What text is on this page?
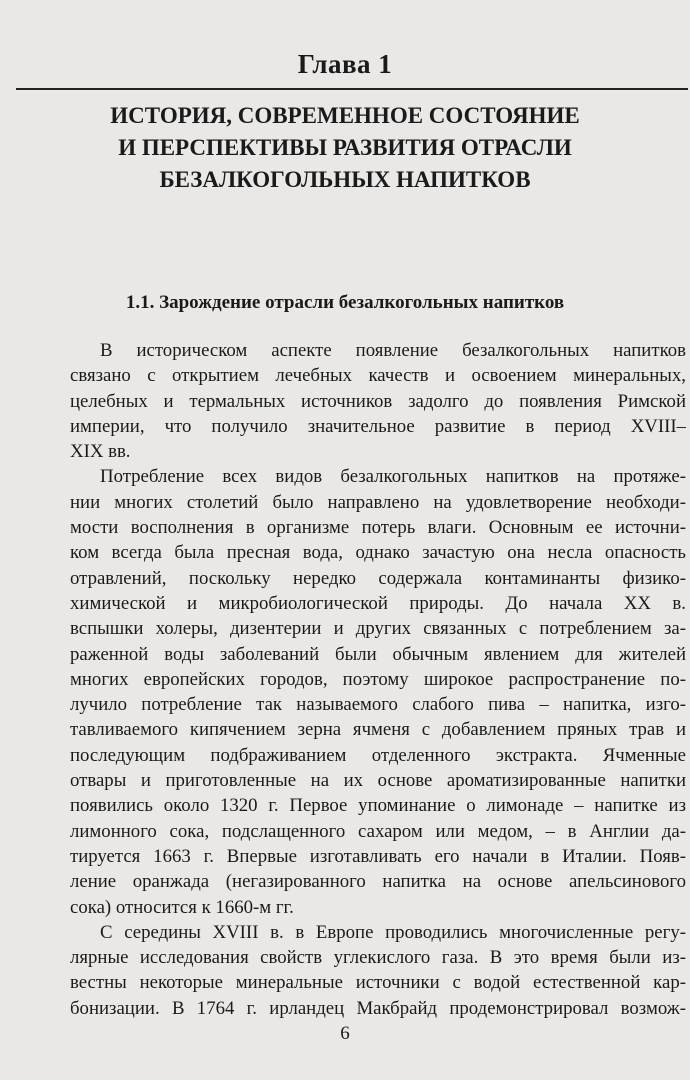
Глава 1
ИСТОРИЯ, СОВРЕМЕННОЕ СОСТОЯНИЕ
И ПЕРСПЕКТИВЫ РАЗВИТИЯ ОТРАСЛИ
БЕЗАЛКОГОЛЬНЫХ НАПИТКОВ
1.1. Зарождение отрасли безалкогольных напитков
В историческом аспекте появление безалкогольных напитков
связано с открытием лечебных качеств и освоением минеральных,
целебных и термальных источников задолго до появления Римской
империи, что получило значительное развитие в период XVIII–
XIX вв.
Потребление всех видов безалкогольных напитков на протяже-
нии многих столетий было направлено на удовлетворение необходи-
мости восполнения в организме потерь влаги. Основным ее источни-
ком всегда была пресная вода, однако зачастую она несла опасность
отравлений, поскольку нередко содержала контаминанты физико-
химической и микробиологической природы. До начала XX в.
вспышки холеры, дизентерии и других связанных с потреблением за-
раженной воды заболеваний были обычным явлением для жителей
многих европейских городов, поэтому широкое распространение по-
лучило потребление так называемого слабого пива – напитка, изго-
тавливаемого кипячением зерна ячменя с добавлением пряных трав и
последующим подбраживанием отделенного экстракта. Ячменные
отвары и приготовленные на их основе ароматизированные напитки
появились около 1320 г. Первое упоминание о лимонаде – напитке из
лимонного сока, подслащенного сахаром или медом, – в Англии да-
тируется 1663 г. Впервые изготавливать его начали в Италии. Появ-
ление оранжада (негазированного напитка на основе апельсинового
сока) относится к 1660-м гг.
С середины XVIII в. в Европе проводились многочисленные регу-
лярные исследования свойств углекислого газа. В это время были из-
вестны некоторые минеральные источники с водой естественной кар-
бонизации. В 1764 г. ирландец Макбрайд продемонстрировал возмож-
6
